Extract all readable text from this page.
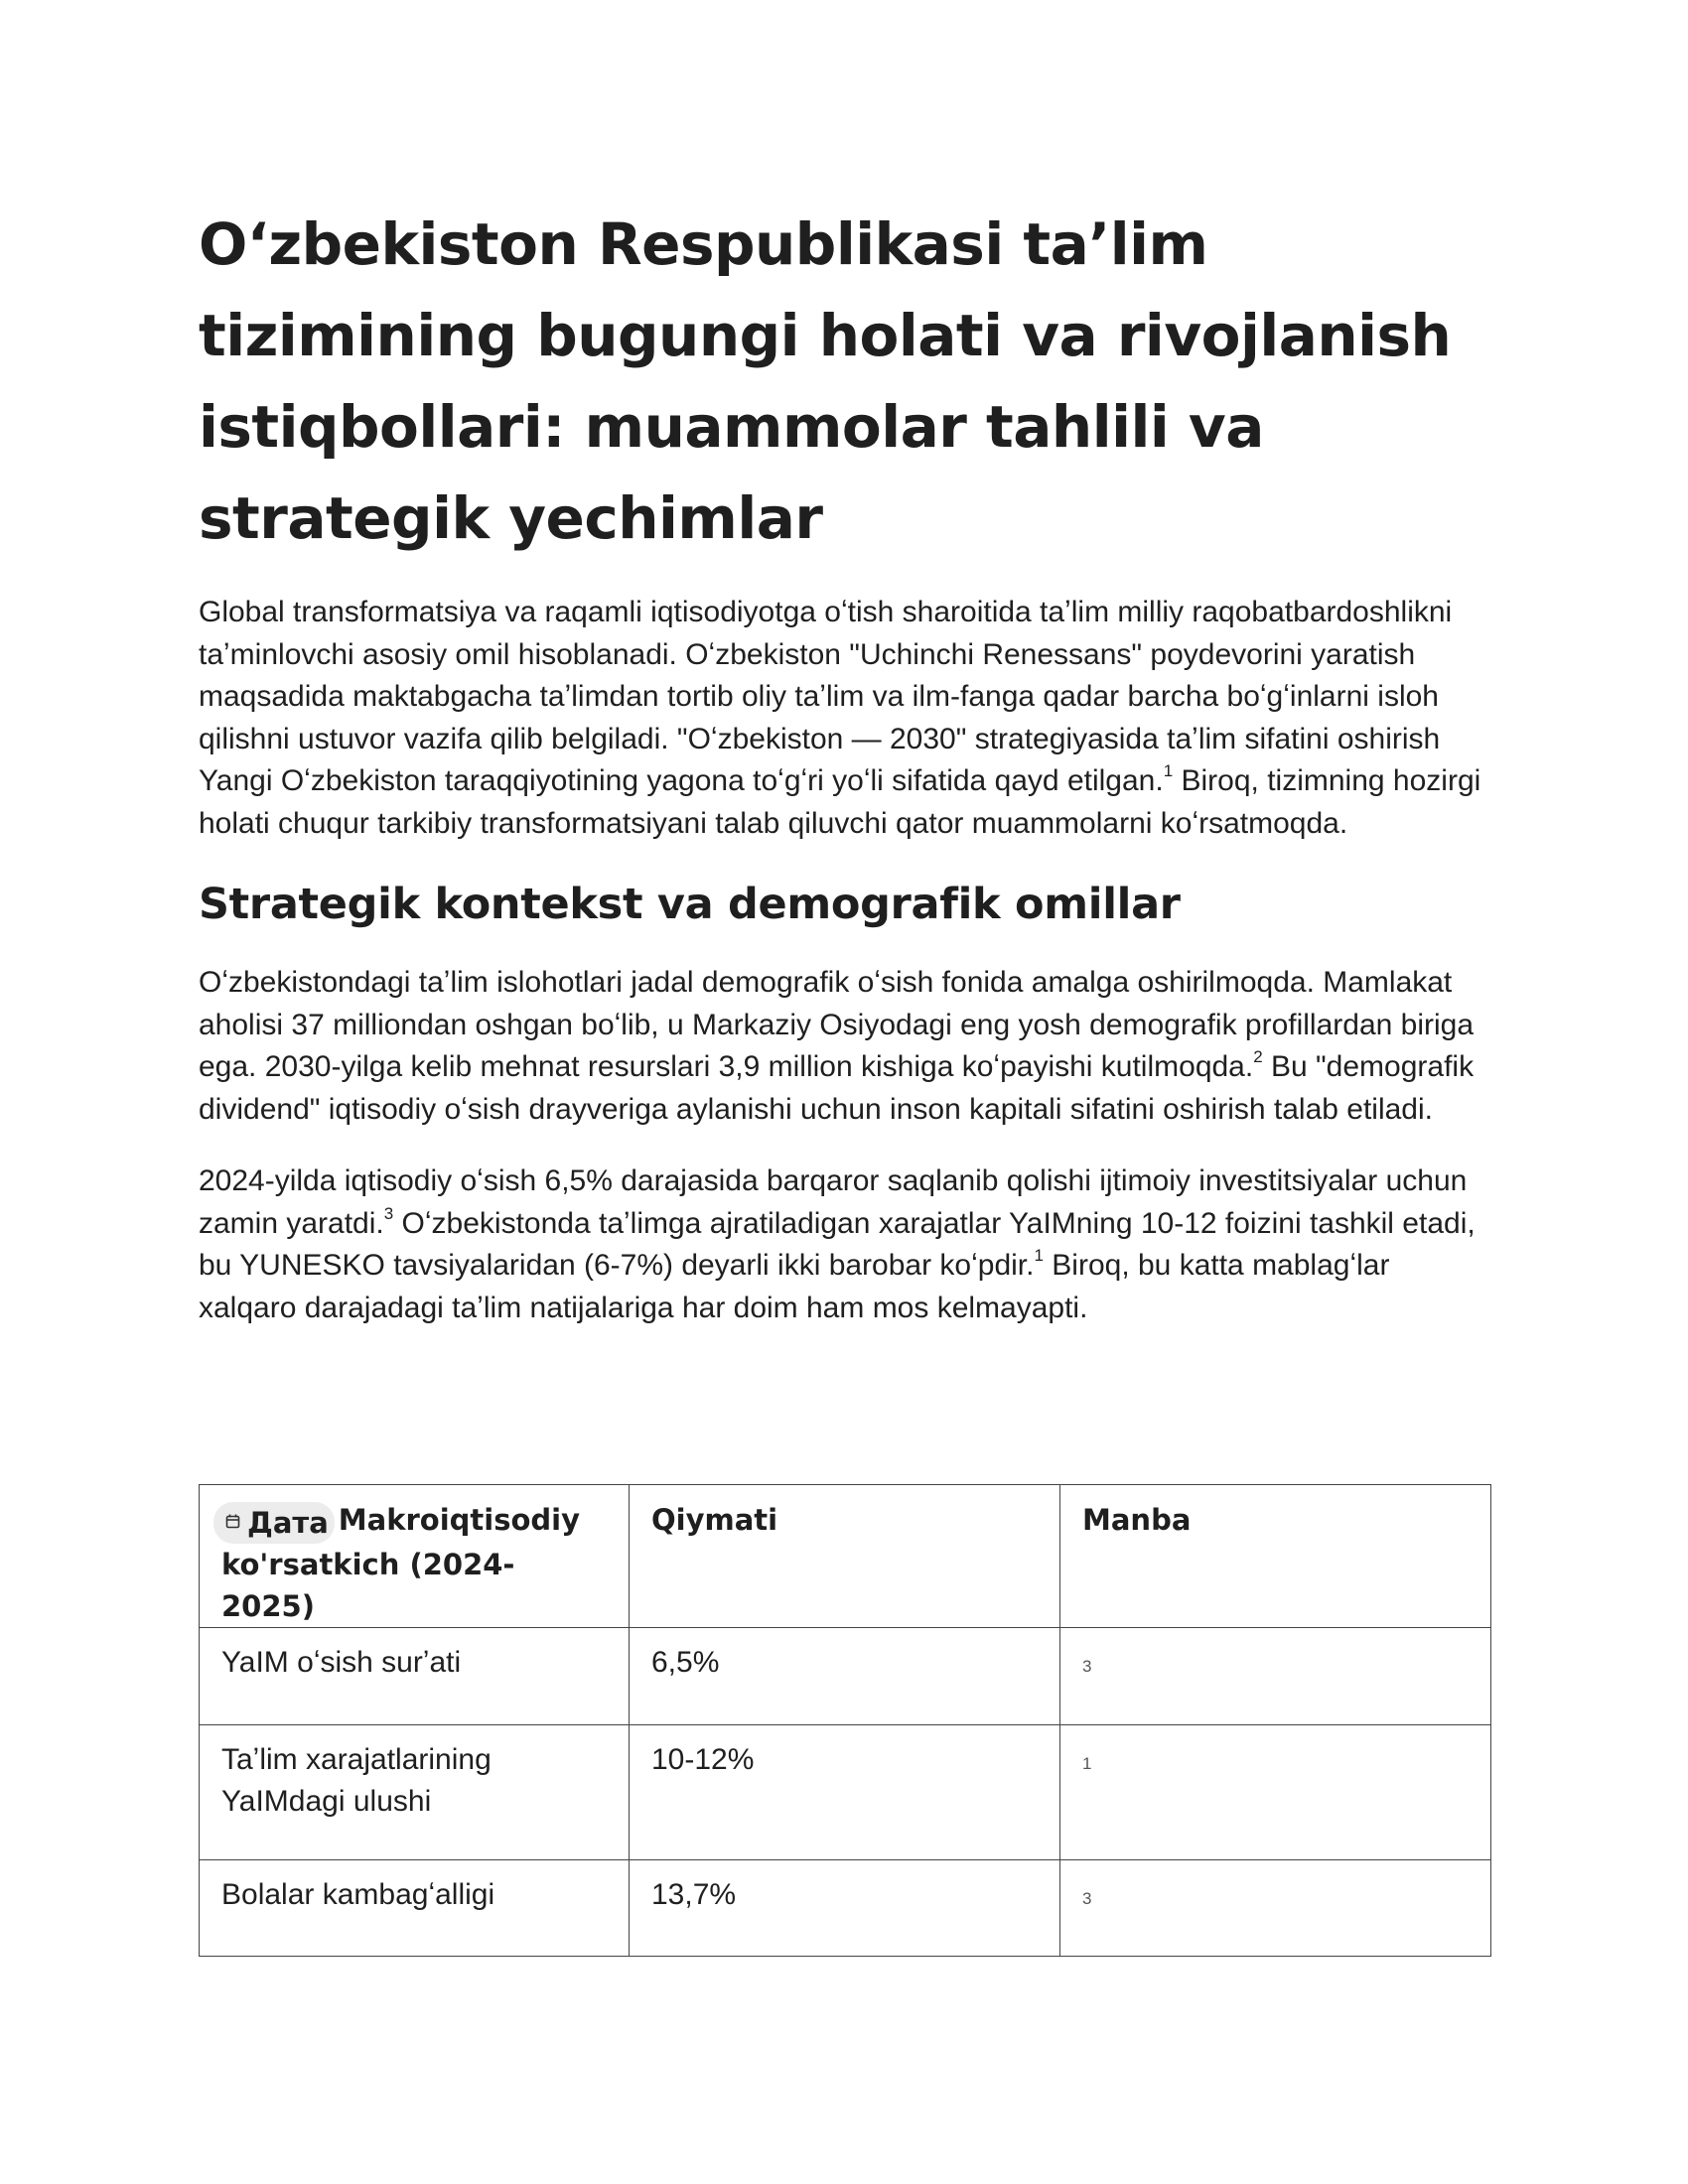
O‘zbekiston Respublikasi ta’lim tizimining bugungi holati va rivojlanish istiqbollari: muammolar tahlili va strategik yechimlar

Global transformatsiya va raqamli iqtisodiyotga oʻtish sharoitida taʼlim milliy raqobatbardoshlikni taʼminlovchi asosiy omil hisoblanadi. Oʻzbekiston "Uchinchi Renessans" poydevorini yaratish maqsadida maktabgacha taʼlimdan tortib oliy taʼlim va ilm-fanga qadar barcha boʻgʻinlarni isloh qilishni ustuvor vazifa qilib belgiladi. "Oʻzbekiston — 2030" strategiyasida taʼlim sifatini oshirish Yangi Oʻzbekiston taraqqiyotining yagona toʻgʻri yoʻli sifatida qayd etilgan.$^1$ Biroq, tizimning hozirgi holati chuqur tarkibiy transformatsiyani talab qiluvchi qator muammolarni koʻrsatmoqda.

Strategik kontekst va demografik omillar

Oʻzbekistondagi taʼlim islohotlari jadal demografik oʻsish fonida amalga oshirilmoqda. Mamlakat aholisi 37 milliondan oshgan boʻlib, u Markaziy Osiyodagi eng yosh demografik profillardan biriga ega. 2030-yilga kelib mehnat resurslari 3,9 million kishiga koʻpayishi kutilmoqda.$^2$ Bu "demografik dividend" iqtisodiy oʻsish drayveriga aylanishi uchun inson kapitali sifatini oshirish talab etiladi.

2024-yilda iqtisodiy oʻsish 6,5% darajasida barqaror saqlanib qolishi ijtimoiy investitsiyalar uchun zamin yaratdi.$^3$ Oʻzbekistonda taʼlimga ajratiladigan xarajatlar YaIMning 10-12 foizini tashkil etadi, bu YUNESKO tavsiyalaridan (6-7%) deyarli ikki barobar koʻpdir.$^1$ Biroq, bu katta mablagʻlar xalqaro darajadagi taʼlim natijalariga har doim ham mos kelmayapti.

Дата Makroiqtisodiy ko'rsatkich (2024-2025)	Qiymati	Manba
YaIM oʻsish surʼati	6,5%	3
Taʼlim xarajatlarining YaIMdagi ulushi	10-12%	1
Bolalar kambagʻalligi	13,7%	3
